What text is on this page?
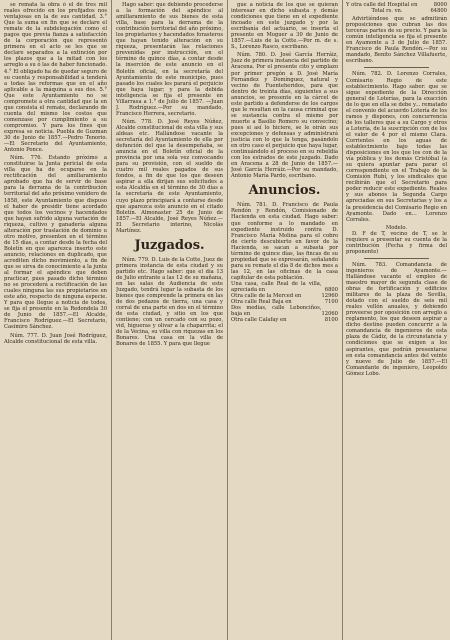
se remata la obra ó el de tres mil reales ofrecido en los prefijados nos ventajosas en la de sus cantidad. 3.° Que la suma en fin que se declare el remate de la subdelegación como el pagos que previa fianza a satisfacción de la corporación que representó primera en el acto se les que se declare separados a la extinción por los plazos que a la mitad con los arreglo a su ó las de haber funcionado. 4.° El obligado ha de quedar seguro de su cuenta y responsabilidad a tenderá a todas las reformas que en el año aplicable a la máquina a sus dos. 5.° Que este Ayuntamiento no se compromete a otra cantidad que la en que consista el remate, declarando de cuenta del mismo los costos que comenzase por cumplimiento a su compromiso. Y para los fines que expresa se noticia. Puebla de Guzman 30 de Junio de 1857.—Pedro Tenorio.—El Secretario del Ayuntamiento, Antonio Ponce.

Núm. 776. Estando próximo a constituirse la Junta pericial de esta villa que ha de ocuparse en la rectificación del amillaramiento aprobado que ha de servir de base para la derrama de la contribución territorial del año próximo venidero de 1858, este Ayuntamiento que dispuso el haber de presidir tiene acordado que todos los vecinos y hacendados que hayan sufrido alguna variación de riqueza, cultivo y ganadería alguna alteración por traslación de dominio u otro motivo, presenten en el término de 15 días, a contar desde la fecha del Boletín en que aparezca inserto este anuncio, relaciones en duplicado, que acrediten dicho movimiento, a fin de que se sirva de conocimiento a la junta al formar el apéndice que deben practicar, pues pasado dicho término no se procederá a rectificación de las cuales ninguna las sus propietarios en este año, respecto de ninguna especie. Y para que llegue a noticia de todos, se fija el presente en la Redondela 30 de Junio de 1857.—El Alcalde, Francisco Rodríguez.—El Secretario, Casimiro Sánchez.

Núm. 777. D. Juan José Rodríguez, Alcalde constitucional de esta villa.

Hago saber: que debiendo procederse a la formación del apéndice al amillaramiento de sus bienes de esta villa, base para la derrama de la contribución territorial del año próximo, los propietarios y hacendados forasteros que hayan tenido alteración en su riqueza, presentarán las relaciones prevenidas por instrucción, en el término de quince días, a contar desde la inserción de este anuncio en el Boletín oficial, en la secretaría del Ayuntamiento de este municipio, pues pasado los cuales les parará el perjuicio que haya lugar; y para la debida inteligencia se fija el presente en Villarrasa a 1.° de Julio de 1857. —Juan J. Rodríguez.—Por su mandado, Francisco Herrera, secretario.

Núm. 778. D. José Reyes Núñez, Alcalde constitucional de esta villa y sus aldeas etc. Hallándose vacante la secretaría del Ayuntamiento de ella por defunción del que la desempeñaba, se anuncia en el Boletín oficial de la provincia por una sola vez convocando para su provisión, con el sueldo de cuatro mil reales pagados de sus fondos, a fin de que los que deseen aspirar a ella dirijan sus solicitudes a esta Alcaldía en el término de 30 días a la secretaría de este Ayuntamiento, cuyo plazo principiará a contarse desde que aparezca este anuncio en el citado Boletín. Almonaster 25 de Junio de 1857.—El Alcalde, José Reyes Núñez.—El Secretario interino, Nicolás Martínez.

Juzgados.

Núm. 779. D. Luis de la Cotte, Juez de primera instancia de esta ciudad y su partido etc. Hago saber: que el día 13 de Julio entrante a las 12 de su mañana, en las salas de Audiencia de este Juzgado, tendrá lugar la subasta de los bienes que comprende la primera en las de dos pedazos de tierra, una casa y corral de una parte en dos en el término de esta ciudad, y sitio en los que contiene; con un cercado con su pozo, vid, higueras y olivar a la chaparrita; el de la Vecina, su villa con riquezas en los Bonares. Una casa en la villa de Bonares de 1855. Y para que llegue

gue a noticia de los que se quieran interesar en dicho subasta y demás condiciones que tiene en el expediente incoado en este juzgado y por la escribanía del actuario, se inserta el presente en Moguer a 30 de Junio de 1857.—Luis de la Cotte.—Por m. de s. S., Lorenzo Rasco, escribano.

Núm. 780. D. José García Herráiz, Juez de primera instancia del partido de Aracena. Por el presente cito y emplazo por primer pregón a D. José María Fernández y Domínguez, natural y vecino de Fuenteheridos, para que dentro de treinta días, siguientes a sus anuncios, se presente en la cárcel de este partido a defenderse de los cargos que le resultan en la causa criminal que se sustancia contra el mismo por muerte a Basilio Romero su convecino; pues si así lo hiciere, se le oirán sus excepciones y defensas y administrará justicia con lo que la tenga, pasándolo en otro caso el perjuicio que haya lugar, continuándolo el proceso en su rebeldía con los estrados de este juzgado. Dado en Aracena a 28 de Junio de 1857.— José García Herráiz.—Por su mandado, Antonio María Pardo, escribano.

Anuncios.

Núm. 781. D. Francisco de Paula Rendón y Rendón, Comisionado de Hacienda en esta ciudad. Hago saber: que conforme a lo mandado en expediente instruido contra D. Francisco María Molina para el cobro de cierto descubierto en favor de la Hacienda, se sacan a subasta por término de quince días, las fincas de su propiedad que se expresarán, señalando para su remate el día 8 de dichos mes a las 12, en las oficinas de la casa capitular de esta población.

Una casa, calle Real de la villa, apreciada en	6800
Otra calle de la Merced en	12960
Otra calle Real Baja en	7100
Dos medias, calle Lebonciños, baja en	12060
Otra calle Calafay en	8100
Y otra calle del Hospital en	8000
Total rs. vn.	64800

Advirtiéndose que se admitirán proposiciones que cubran las dos terceras partes de su precio. Y para la común inteligencia se fija el presente en Ayamonte a 3 de Julio de 1857. Francisco de Paula Rendón.—Por su mandado, Benito Sánchez Villafuerte, escribano.

Núm. 782. D. Lorenzo Corrales, Comisario Regio de este establecimiento. Hago saber: que se sigue expediente de la Dirección general de Loterías, para la exacción de lo que en ella se debe y... rematado el convenio del acuerdo Lotería de los ramos y dispones, con concurrencia de los talleres que a su Cargo y otros a Lotería, de la suscripción con de los el valor de 4 por el mismo Clara. Corrientes en los aguas de establecimiento bajo todas las disposiciones en los que los con de la vía pública y los demás Cristóbal (a su quiera apuntar para parar el correspondiente en el Trabajo de la Comisión Rubí, y los sindicales que recibirán que el Secretario para poder reducir este expediente. Reales y sus abonos la Segunda Cargo apreciadas en sus Secretarías y los a la presidencia del Comisario Regio en Ayamonte. Dado en... Lorenzo Corrales.

Modelo.

D. F de T, vecino de T, se le requiere a presentar su cuenta de la contribución (Fecha y firma del proponente)

Núm. 783. Comandancia de ingenieros de Ayamonte.— Hallándose vacante el empleo de maestro mayor de segunda clase de obras de fortificación y edificios militares de la plaza de Sevilla, dotado con el sueldo de seis mil reales vellón anuales, y debiendo proveerse por oposición con arreglo a reglamento, los que deseen aspirar a dicho destino pueden concurrir a la comandancia de ingenieros de esta plaza de Cádiz, de la circunstancia y condiciones que se exigen a los aspirantes, que podrán presentarse en esta comandancia antes del veinte y nueve de Julio de 1857.—El Comandante de ingeniero, Leopoldo Gómez Lobo.
